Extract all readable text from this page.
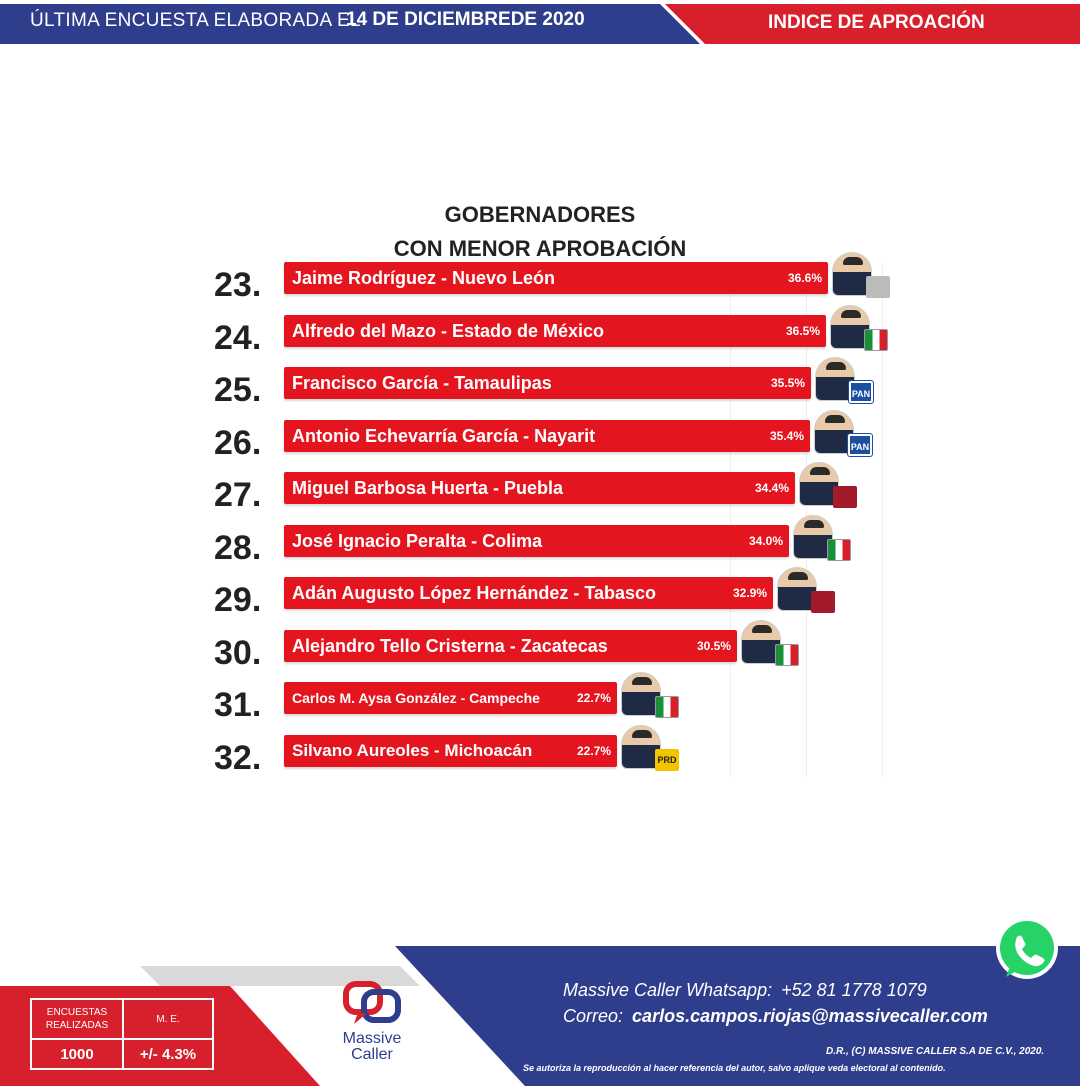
ÚLTIMA ENCUESTA ELABORADA EL
14 DE DICIEMBREDE 2020	INDICE DE APROACIÓN
GOBERNADORES
CON MENOR APROBACIÓN
23. Jaime Rodríguez - Nuevo León	36.6%
24. Alfredo del Mazo - Estado de México	36.5%
25. Francisco García - Tamaulipas	35.5%
PAN
26. Antonio Echevarría García - Nayarit	35.4%
PAN
27. Miguel Barbosa Huerta - Puebla	34.4%
28. José Ignacio Peralta - Colima	34.0%
29. Adán Augusto López Hernández - Tabasco	32.9%
30. Alejandro Tello Cristerna - Zacatecas	30.5%
31. Carlos M. Aysa González - Campeche	22.7%
32. Silvano Aureoles - Michoacán	22.7%
PRD
ENCUESTAS REALIZADAS
M. E.
1000	+/- 4.3%
Massive
Caller
Massive Caller Whatsapp: +52 81 1778 1079
Correo: carlos.campos.riojas@massivecaller.com
D.R., (C) MASSIVE CALLER S.A DE C.V., 2020.
Se autoriza la reproducción al hacer referencia del autor, salvo aplique veda electoral al contenido.
